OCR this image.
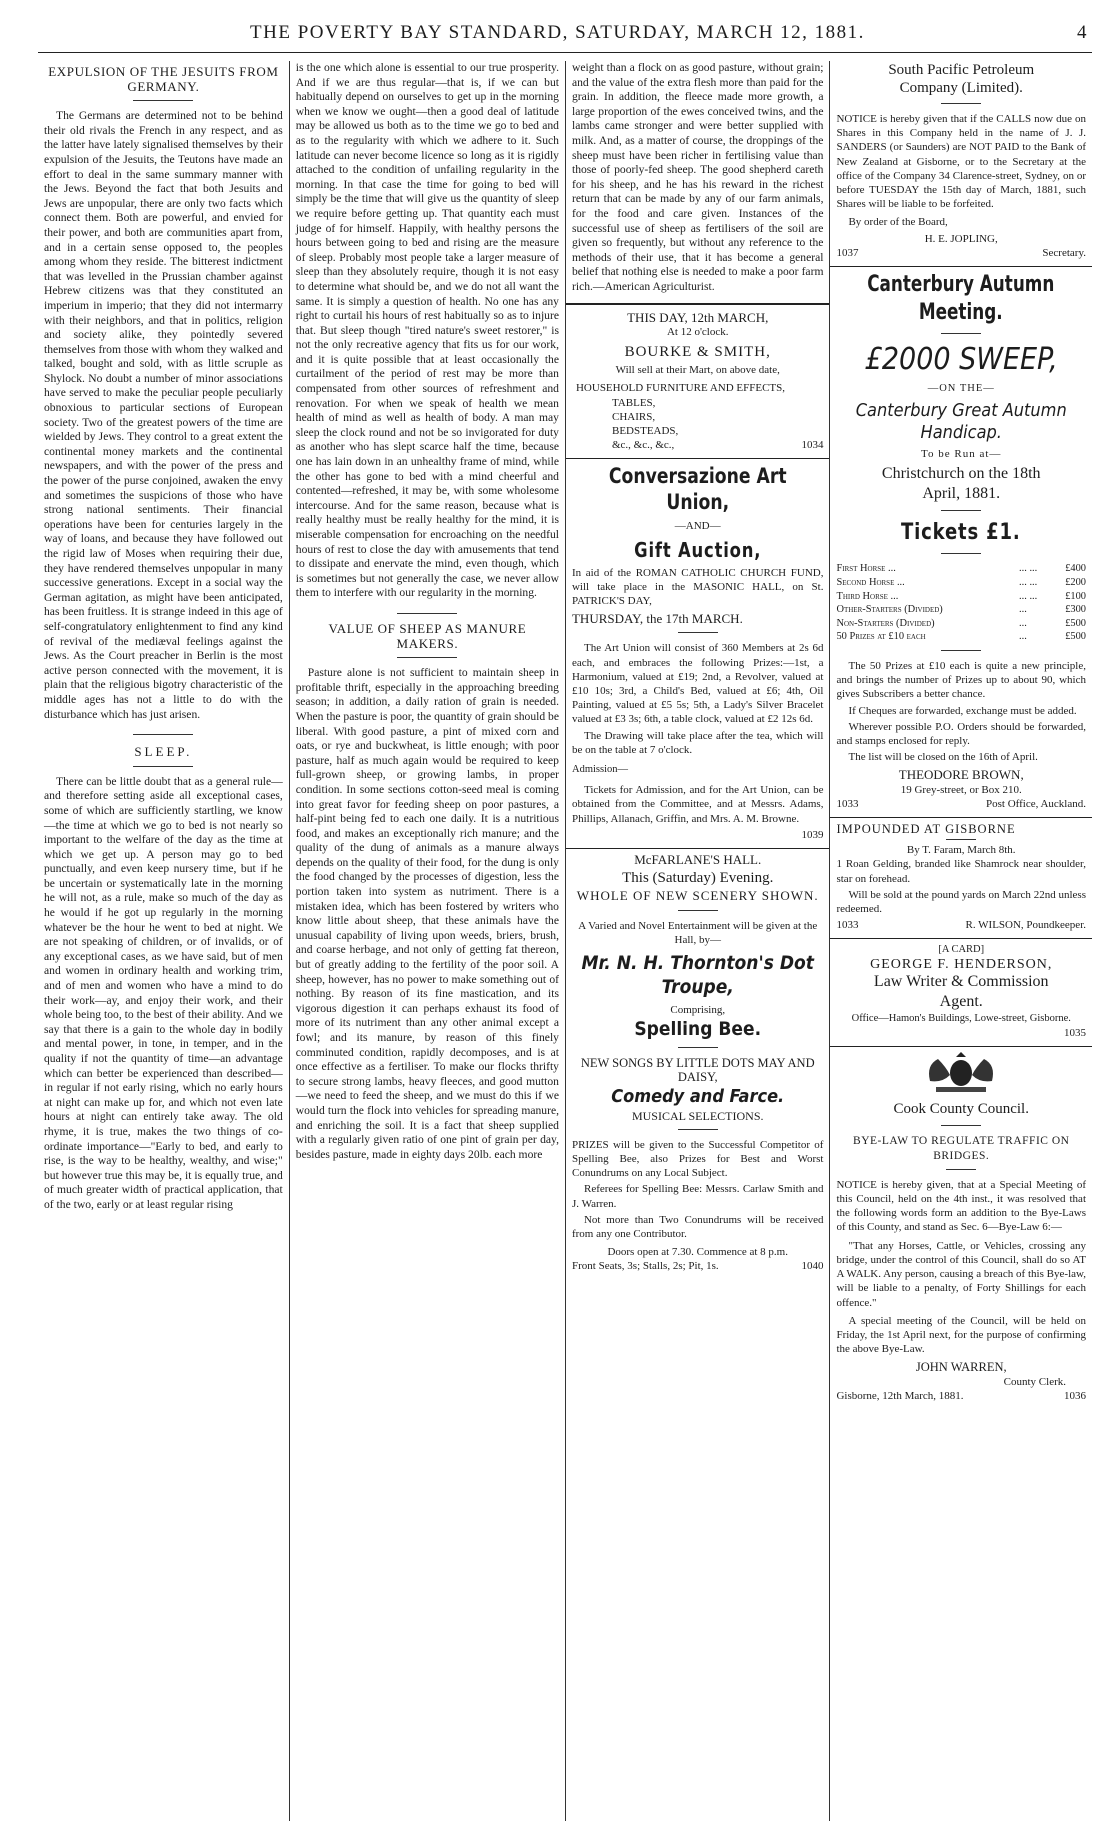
THE POVERTY BAY STANDARD, SATURDAY, MARCH 12, 1881.	4
EXPULSION OF THE JESUITS FROM GERMANY.

The Germans are determined not to be behind their old rivals the French in any respect, and as the latter have lately signalised themselves by their expulsion of the Jesuits, the Teutons have made an effort to deal in the same summary manner with the Jews. Beyond the fact that both Jesuits and Jews are unpopular, there are only two facts which connect them. Both are powerful, and envied for their power, and both are communities apart from, and in a certain sense opposed to, the peoples among whom they reside. The bitterest indictment that was levelled in the Prussian chamber against Hebrew citizens was that they constituted an imperium in imperio; that they did not intermarry with their neighbors, and that in politics, religion and society alike, they pointedly severed themselves from those with whom they walked and talked, bought and sold, with as little scruple as Shylock. No doubt a number of minor associations have served to make the peculiar people peculiarly obnoxious to particular sections of European society. Two of the greatest powers of the time are wielded by Jews. They control to a great extent the continental money markets and the continental newspapers, and with the power of the press and the power of the purse conjoined, awaken the envy and sometimes the suspicions of those who have strong national sentiments. Their financial operations have been for centuries largely in the way of loans, and because they have followed out the rigid law of Moses when requiring their due, they have rendered themselves unpopular in many successive generations. Except in a social way the German agitation, as might have been anticipated, has been fruitless. It is strange indeed in this age of self-congratulatory enlightenment to find any kind of revival of the mediæval feelings against the Jews. As the Court preacher in Berlin is the most active person connected with the movement, it is plain that the religious bigotry characteristic of the middle ages has not a little to do with the disturbance which has just arisen.

SLEEP.

There can be little doubt that as a general rule—and therefore setting aside all exceptional cases, some of which are sufficiently startling, we know—the time at which we go to bed is not nearly so important to the welfare of the day as the time at which we get up. A person may go to bed punctually, and even keep nursery time, but if he be uncertain or systematically late in the morning he will not, as a rule, make so much of the day as he would if he got up regularly in the morning whatever be the hour he went to bed at night. We are not speaking of children, or of invalids, or of any exceptional cases, as we have said, but of men and women in ordinary health and working trim, and of men and women who have a mind to do their work—ay, and enjoy their work, and their whole being too, to the best of their ability. And we say that there is a gain to the whole day in bodily and mental power, in tone, in temper, and in the quality if not the quantity of time—an advantage which can better be experienced than described—in regular if not early rising, which no early hours at night can make up for, and which not even late hours at night can entirely take away. The old rhyme, it is true, makes the two things of co-ordinate importance—"Early to bed, and early to rise, is the way to be healthy, wealthy, and wise;" but however true this may be, it is equally true, and of much greater width of practical application, that of the two, early or at least regular rising

is the one which alone is essential to our true prosperity. And if we are thus regular—that is, if we can but habitually depend on ourselves to get up in the morning when we know we ought—then a good deal of latitude may be allowed us both as to the time we go to bed and as to the regularity with which we adhere to it. Such latitude can never become licence so long as it is rigidly attached to the condition of unfailing regularity in the morning. In that case the time for going to bed will simply be the time that will give us the quantity of sleep we require before getting up. That quantity each must judge of for himself. Happily, with healthy persons the hours between going to bed and rising are the measure of sleep. Probably most people take a larger measure of sleep than they absolutely require, though it is not easy to determine what should be, and we do not all want the same. It is simply a question of health. No one has any right to curtail his hours of rest habitually so as to injure that. But sleep though "tired nature's sweet restorer," is not the only recreative agency that fits us for our work, and it is quite possible that at least occasionally the curtailment of the period of rest may be more than compensated from other sources of refreshment and renovation. For when we speak of health we mean health of mind as well as health of body. A man may sleep the clock round and not be so invigorated for duty as another who has slept scarce half the time, because one has lain down in an unhealthy frame of mind, while the other has gone to bed with a mind cheerful and contented—refreshed, it may be, with some wholesome intercourse. And for the same reason, because what is really healthy must be really healthy for the mind, it is miserable compensation for encroaching on the needful hours of rest to close the day with amusements that tend to dissipate and enervate the mind, even though, which is sometimes but not generally the case, we never allow them to interfere with our regularity in the morning.

VALUE OF SHEEP AS MANURE MAKERS.

Pasture alone is not sufficient to maintain sheep in profitable thrift, especially in the approaching breeding season; in addition, a daily ration of grain is needed. When the pasture is poor, the quantity of grain should be liberal. With good pasture, a pint of mixed corn and oats, or rye and buckwheat, is little enough; with poor pasture, half as much again would be required to keep full-grown sheep, or growing lambs, in proper condition. In some sections cotton-seed meal is coming into great favor for feeding sheep on poor pastures, a half-pint being fed to each one daily. It is a nutritious food, and makes an exceptionally rich manure; and the quality of the dung of animals as a manure always depends on the quality of their food, for the dung is only the food changed by the processes of digestion, less the portion taken into system as nutriment. There is a mistaken idea, which has been fostered by writers who know little about sheep, that these animals have the unusual capability of living upon weeds, briers, brush, and coarse herbage, and not only of getting fat thereon, but of greatly adding to the fertility of the poor soil. A sheep, however, has no power to make something out of nothing. By reason of its fine mastication, and its vigorous digestion it can perhaps exhaust its food of more of its nutriment than any other animal except a fowl; and its manure, by reason of this finely comminuted condition, rapidly decomposes, and is at once effective as a fertiliser. To make our flocks thrifty to secure strong lambs, heavy fleeces, and good mutton—we need to feed the sheep, and we must do this if we would turn the flock into vehicles for spreading manure, and enriching the soil. It is a fact that sheep supplied with a regularly given ratio of one pint of grain per day, besides pasture, made in eighty days 20lb. each more

weight than a flock on as good pasture, without grain; and the value of the extra flesh more than paid for the grain. In addition, the fleece made more growth, a large proportion of the ewes conceived twins, and the lambs came stronger and were better supplied with milk. And, as a matter of course, the droppings of the sheep must have been richer in fertilising value than those of poorly-fed sheep. The good shepherd careth for his sheep, and he has his reward in the richest return that can be made by any of our farm animals, for the food and care given. Instances of the successful use of sheep as fertilisers of the soil are given so frequently, but without any reference to the methods of their use, that it has become a general belief that nothing else is needed to make a poor farm rich.—American Agriculturist.

THIS DAY, 12th MARCH,
At 12 o'clock.
BOURKE & SMITH,
Will sell at their Mart, on above date,
HOUSEHOLD FURNITURE AND EFFECTS,
TABLES,
CHAIRS,
BEDSTEADS,
&c., &c., &c.,	1034
Conversazione Art Union,
—AND—
Gift Auction,

In aid of the ROMAN CATHOLIC CHURCH FUND, will take place in the MASONIC HALL, on St. PATRICK'S DAY,

THURSDAY, the 17th MARCH.

The Art Union will consist of 360 Members at 2s 6d each, and embraces the following Prizes:—1st, a Harmonium, valued at £19; 2nd, a Revolver, valued at £10 10s; 3rd, a Child's Bed, valued at £6; 4th, Oil Painting, valued at £5 5s; 5th, a Lady's Silver Bracelet valued at £3 3s; 6th, a table clock, valued at £2 12s 6d.

The Drawing will take place after the tea, which will be on the table at 7 o'clock.

Admission—

Tickets for Admission, and for the Art Union, can be obtained from the Committee, and at Messrs. Adams, Phillips, Allanach, Griffin, and Mrs. A. M. Browne.

1039
McFARLANE'S HALL.
This (Saturday) Evening.
WHOLE OF NEW SCENERY SHOWN.
A Varied and Novel Entertainment will be given at the Hall, by—
Mr. N. H. Thornton's Dot Troupe,
Comprising,
Spelling Bee.
NEW SONGS BY LITTLE DOTS MAY AND DAISY,
Comedy and Farce.
MUSICAL SELECTIONS.

PRIZES will be given to the Successful Competitor of Spelling Bee, also Prizes for Best and Worst Conundrums on any Local Subject.

Referees for Spelling Bee: Messrs. Carlaw Smith and J. Warren.

Not more than Two Conundrums will be received from any one Contributor.

Doors open at 7.30. Commence at 8 p.m.
Front Seats, 3s; Stalls, 2s; Pit, 1s.	1040
South Pacific Petroleum
Company (Limited).

NOTICE is hereby given that if the CALLS now due on Shares in this Company held in the name of J. J. SANDERS (or Saunders) are NOT PAID to the Bank of New Zealand at Gisborne, or to the Secretary at the office of the Company 34 Clarence-street, Sydney, on or before TUESDAY the 15th day of March, 1881, such Shares will be liable to be forfeited.

By order of the Board,

H. E. JOPLING,
1037	Secretary.
Canterbury Autumn
Meeting.
£2000 SWEEP,
—ON THE—
Canterbury Great Autumn
Handicap.
To be Run at—
Christchurch on the 18th
April, 1881.
Tickets £1.
First Horse ...	... ...	£400
Second Horse ...	... ...	£200
Third Horse ...	... ...	£100
Other-Starters (Divided)	...	£300
Non-Starters (Divided)	...	£500
50 Prizes at £10 each	...	£500

The 50 Prizes at £10 each is quite a new principle, and brings the number of Prizes up to about 90, which gives Subscribers a better chance.

If Cheques are forwarded, exchange must be added.

Wherever possible P.O. Orders should be forwarded, and stamps enclosed for reply.

The list will be closed on the 16th of April.

THEODORE BROWN,
19 Grey-street, or Box 210.
1033	Post Office, Auckland.
IMPOUNDED AT GISBORNE
By T. Faram, March 8th.

1 Roan Gelding, branded like Shamrock near shoulder, star on forehead.

Will be sold at the pound yards on March 22nd unless redeemed.

1033	R. WILSON, Poundkeeper.
[A CARD]
GEORGE F. HENDERSON,
Law Writer & Commission
Agent.
Office—Hamon's Buildings, Lowe-street, Gisborne.
1035
Cook County Council.
BYE-LAW TO REGULATE TRAFFIC ON BRIDGES.

NOTICE is hereby given, that at a Special Meeting of this Council, held on the 4th inst., it was resolved that the following words form an addition to the Bye-Laws of this County, and stand as Sec. 6—Bye-Law 6:—

"That any Horses, Cattle, or Vehicles, crossing any bridge, under the control of this Council, shall do so AT A WALK. Any person, causing a breach of this Bye-law, will be liable to a penalty, of Forty Shillings for each offence."

A special meeting of the Council, will be held on Friday, the 1st April next, for the purpose of confirming the above Bye-Law.

JOHN WARREN,
County Clerk.
Gisborne, 12th March, 1881.	1036
